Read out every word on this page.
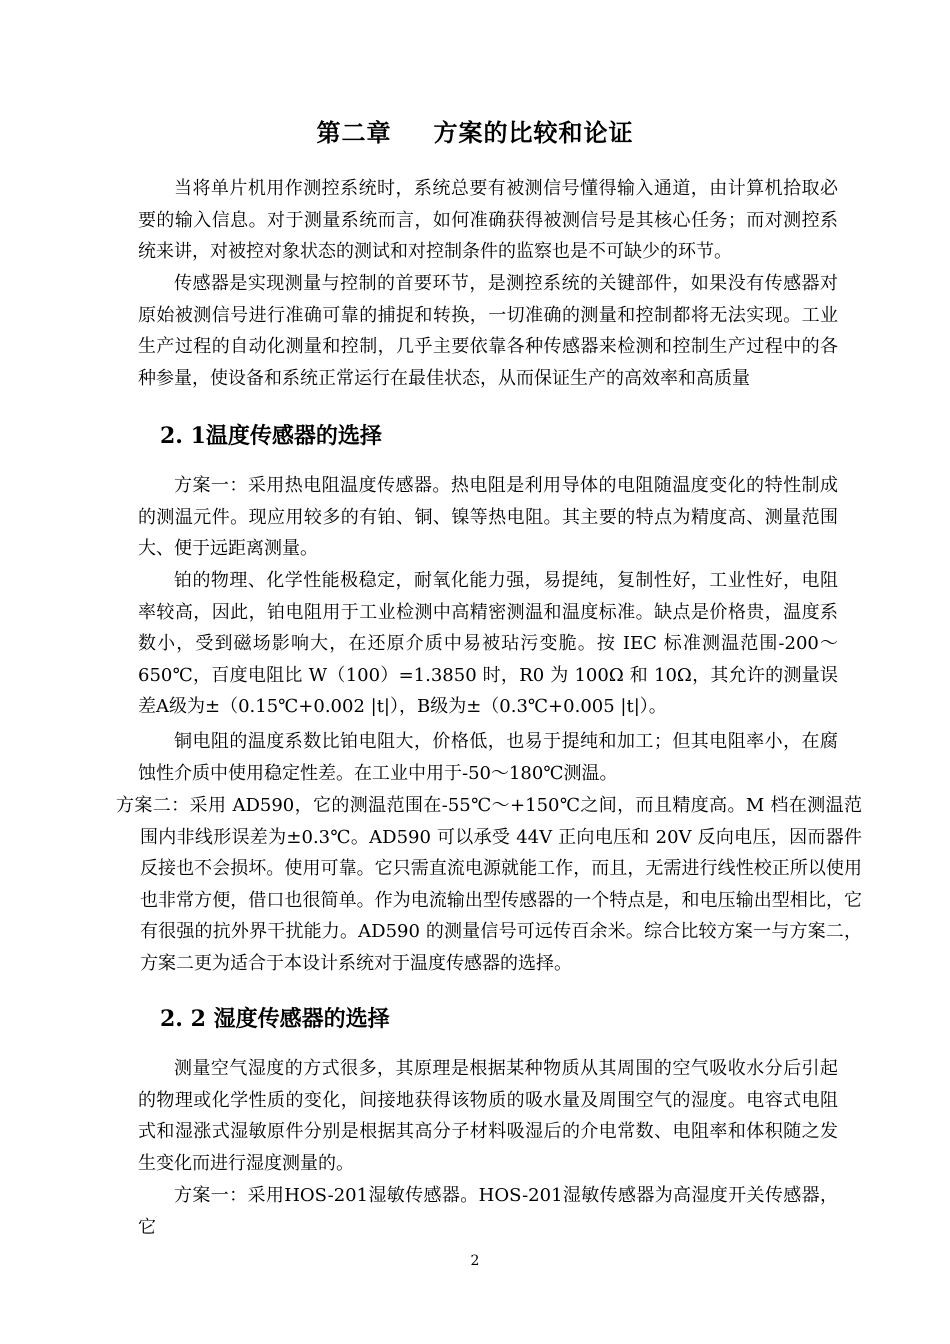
第二章 方案的比较和论证

当将单片机用作测控系统时，系统总要有被测信号懂得输入通道，由计算机拾取必要的输入信息。对于测量系统而言，如何准确获得被测信号是其核心任务；而对测控系统来讲，对被控对象状态的测试和对控制条件的监察也是不可缺少的环节。

传感器是实现测量与控制的首要环节，是测控系统的关键部件，如果没有传感器对原始被测信号进行准确可靠的捕捉和转换，一切准确的测量和控制都将无法实现。工业生产过程的自动化测量和控制，几乎主要依靠各种传感器来检测和控制生产过程中的各种参量，使设备和系统正常运行在最佳状态，从而保证生产的高效率和高质量

2. 1温度传感器的选择

方案一：采用热电阻温度传感器。热电阻是利用导体的电阻随温度变化的特性制成的测温元件。现应用较多的有铂、铜、镍等热电阻。其主要的特点为精度高、测量范围大、便于远距离测量。

铂的物理、化学性能极稳定，耐氧化能力强，易提纯，复制性好，工业性好，电阻率较高，因此，铂电阻用于工业检测中高精密测温和温度标准。缺点是价格贵，温度系数小，受到磁场影响大，在还原介质中易被玷污变脆。按 IEC 标准测温范围-200～650℃，百度电阻比 W（100）=1.3850 时，R0 为 100Ω 和 10Ω，其允许的测量误差A级为±（0.15℃+0.002 |t|），B级为±（0.3℃+0.005 |t|）。

铜电阻的温度系数比铂电阻大，价格低，也易于提纯和加工；但其电阻率小，在腐蚀性介质中使用稳定性差。在工业中用于-50～180℃测温。

方案二：采用 AD590，它的测温范围在-55℃～+150℃之间，而且精度高。M 档在测温范围内非线形误差为±0.3℃。AD590 可以承受 44V 正向电压和 20V 反向电压，因而器件反接也不会损坏。使用可靠。它只需直流电源就能工作，而且，无需进行线性校正所以使用也非常方便，借口也很简单。作为电流输出型传感器的一个特点是，和电压输出型相比，它有很强的抗外界干扰能力。AD590 的测量信号可远传百余米。综合比较方案一与方案二，方案二更为适合于本设计系统对于温度传感器的选择。

2. 2 湿度传感器的选择

测量空气湿度的方式很多，其原理是根据某种物质从其周围的空气吸收水分后引起的物理或化学性质的变化，间接地获得该物质的吸水量及周围空气的湿度。电容式电阻式和湿涨式湿敏原件分别是根据其高分子材料吸湿后的介电常数、电阻率和体积随之发生变化而进行湿度测量的。

方案一：采用HOS-201湿敏传感器。HOS-201湿敏传感器为高湿度开关传感器，它

2
